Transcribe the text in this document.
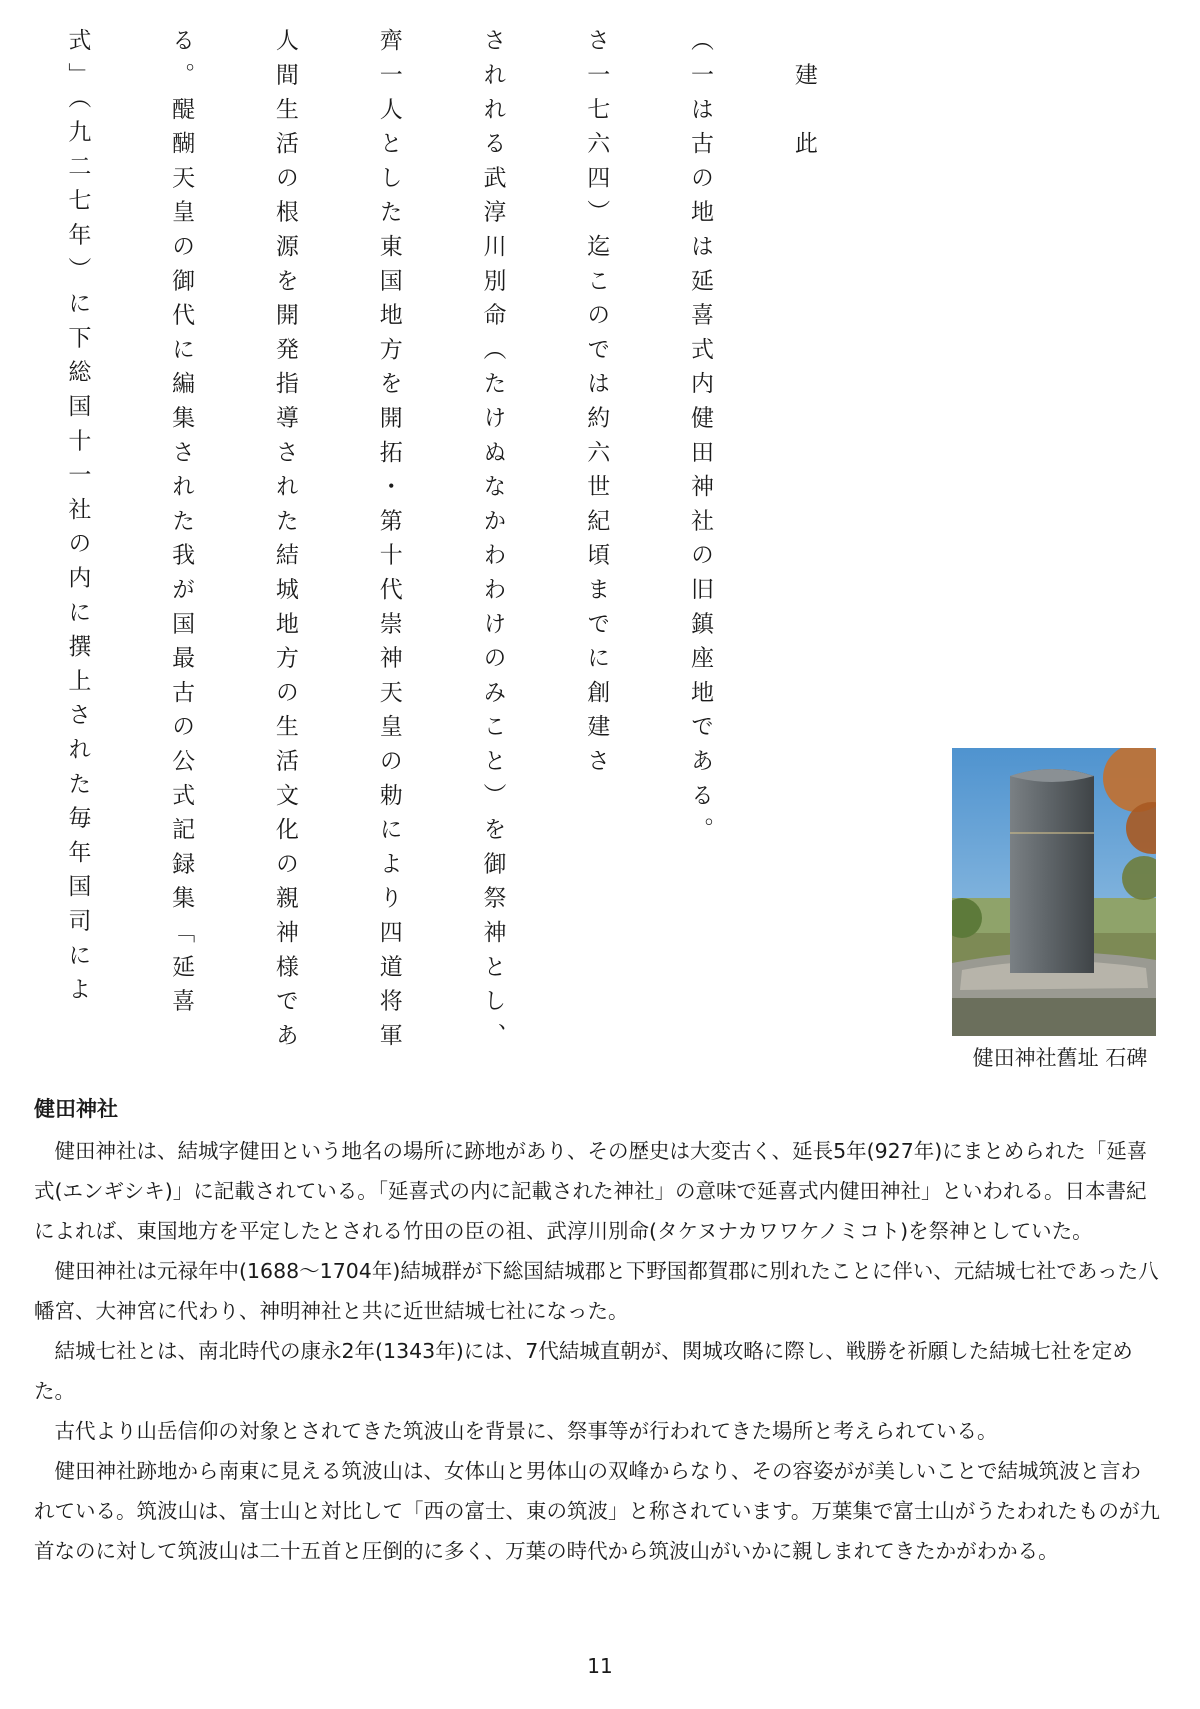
　建　此

（一は古の地は延喜式内健田神社の旧鎮座地である。

さ一七六四）迄このでは約六世紀頃までに創建さ

されれる武淳川別命（たけぬなかわわけのみこと）を御祭神とし、

齊一人とした東国地方を開拓・第十代崇神天皇の勅により四道将軍

人間生活の根源を開発指導された結城地方の生活文化の親神様であ

る。醍醐天皇の御代に編集された我が国最古の公式記録集「延喜

式」（九二七年）に下総国十一社の内に撰上された毎年国司によ

健田神社舊址 石碑
健田神社

健田神社は、結城字健田という地名の場所に跡地があり、その歴史は大変古く、延長5年(927年)にまとめられた「延喜式(エンギシキ)」に記載されている。「延喜式の内に記載された神社」の意味で延喜式内健田神社」といわれる。日本書紀によれば、東国地方を平定したとされる竹田の臣の祖、武淳川別命(タケヌナカワワケノミコト)を祭神としていた。

健田神社は元禄年中(1688～1704年)結城群が下総国結城郡と下野国都賀郡に別れたことに伴い、元結城七社であった八幡宮、大神宮に代わり、神明神社と共に近世結城七社になった。

結城七社とは、南北時代の康永2年(1343年)には、7代結城直朝が、関城攻略に際し、戦勝を祈願した結城七社を定めた。

古代より山岳信仰の対象とされてきた筑波山を背景に、祭事等が行われてきた場所と考えられている。

健田神社跡地から南東に見える筑波山は、女体山と男体山の双峰からなり、その容姿がが美しいことで結城筑波と言われている。筑波山は、富士山と対比して「西の富士、東の筑波」と称されています。万葉集で富士山がうたわれたものが九首なのに対して筑波山は二十五首と圧倒的に多く、万葉の時代から筑波山がいかに親しまれてきたかがわかる。

11
